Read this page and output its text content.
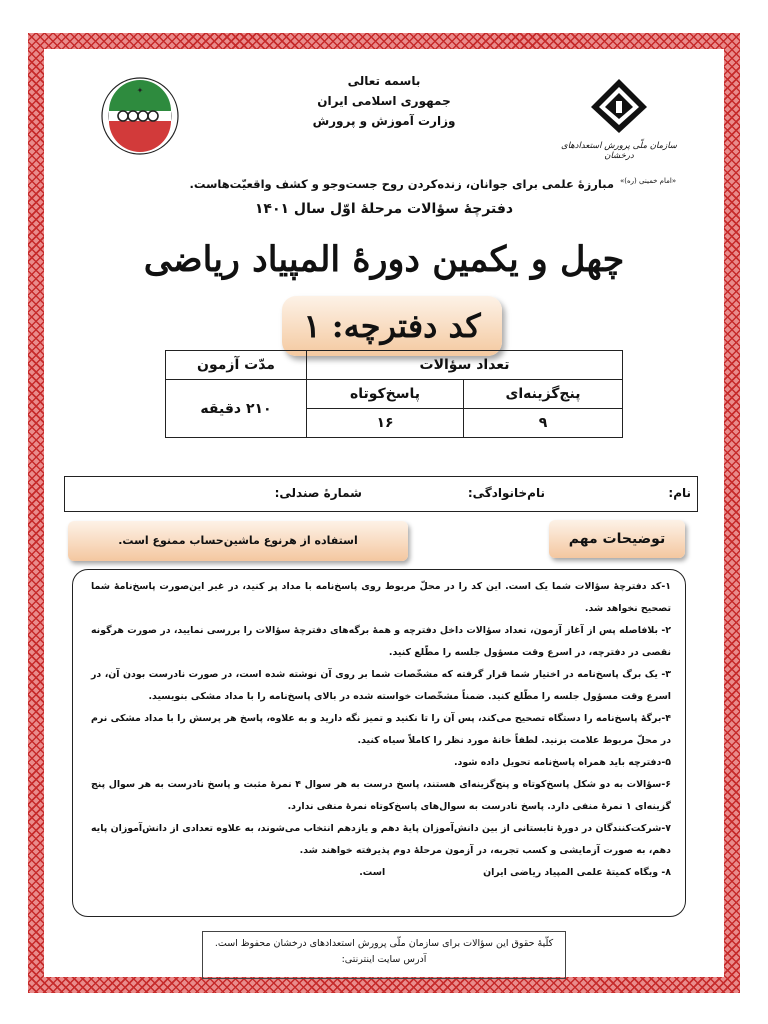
✦
باسمه تعالی
جمهوری اسلامی ایران
وزارت آموزش و پرورش
سازمان ملّی پرورش استعدادهای درخشان
مبارزۀ علمی برای جوانان، زنده‌کردن روح جست‌وجو و کشف واقعیّت‌هاست. «امام خمینی (ره)»
دفترچۀ سؤالات مرحلۀ اوّل سال ۱۴۰۱
چهل و یکمین دورۀ المپیاد ریاضی
کد دفترچه: ۱
تعداد سؤالات		مدّت آزمون
پنج‌گزینه‌ای	پاسخ‌کوتاه	۲۱۰ دقیقه
۹	۱۶	
نام:
نام‌خانوادگی:
شمارۀ صندلی:
استفاده از هرنوع ماشین‌حساب ممنوع است.	توضیحات مهم
۱-کد دفترچۀ سؤالات شما یک است. این کد را در محلّ مربوط روی پاسخ‌نامه با مداد پر کنید، در غیر این‌صورت پاسخ‌نامۀ شما تصحیح نخواهد شد.
۲- بلافاصله پس از آغاز آزمون، تعداد سؤالات داخل دفترچه و همۀ برگه‌های دفترچۀ سؤالات را بررسی نمایید، در صورت هرگونه نقصی در دفترچه، در اسرع وقت مسؤول جلسه را مطّلع کنید.
۳- یک برگ پاسخ‌نامه در اختیار شما قرار گرفته که مشخّصات شما بر روی آن نوشته شده است، در صورت نادرست بودن آن، در اسرع وقت مسؤول جلسه را مطّلع کنید. ضمناً مشخّصات خواسته شده در بالای پاسخ‌نامه را با مداد مشکی بنویسید.
۴-برگۀ پاسخ‌نامه را دستگاه تصحیح می‌کند، پس آن را تا نکنید و تمیز نگه دارید و به علاوه، پاسخ هر پرسش را با مداد مشکی نرم در محلّ مربوط علامت بزنید. لطفاً خانۀ مورد نظر را کاملاً سیاه کنید.
۵-دفترچه باید همراه پاسخ‌نامه تحویل داده شود.
۶-سؤالات به دو شکل پاسخ‌کوتاه و پنج‌گزینه‌ای هستند، پاسخ درست به هر سوال ۴ نمرۀ مثبت و پاسخ نادرست به هر سوال پنج گزینه‌ای ۱ نمرۀ منفی دارد. پاسخ نادرست به سوال‌های پاسخ‌کوتاه نمرۀ منفی ندارد.
۷-شرکت‌کنندگان در دورۀ تابستانی از بین دانش‌آموزان پایۀ دهم و یازدهم انتخاب می‌شوند، به علاوه تعدادی از دانش‌آموزان پایه دهم، به صورت آزمایشی و کسب تجربه، در آزمون مرحلۀ دوم پذیرفته خواهند شد.
۸- وبگاه کمیتۀ علمی المپیاد ریاضی ایران                              است.
کلّیۀ حقوق این سؤالات برای سازمان ملّی پرورش استعدادهای درخشان محفوظ است.
آدرس سایت اینترنتی:
